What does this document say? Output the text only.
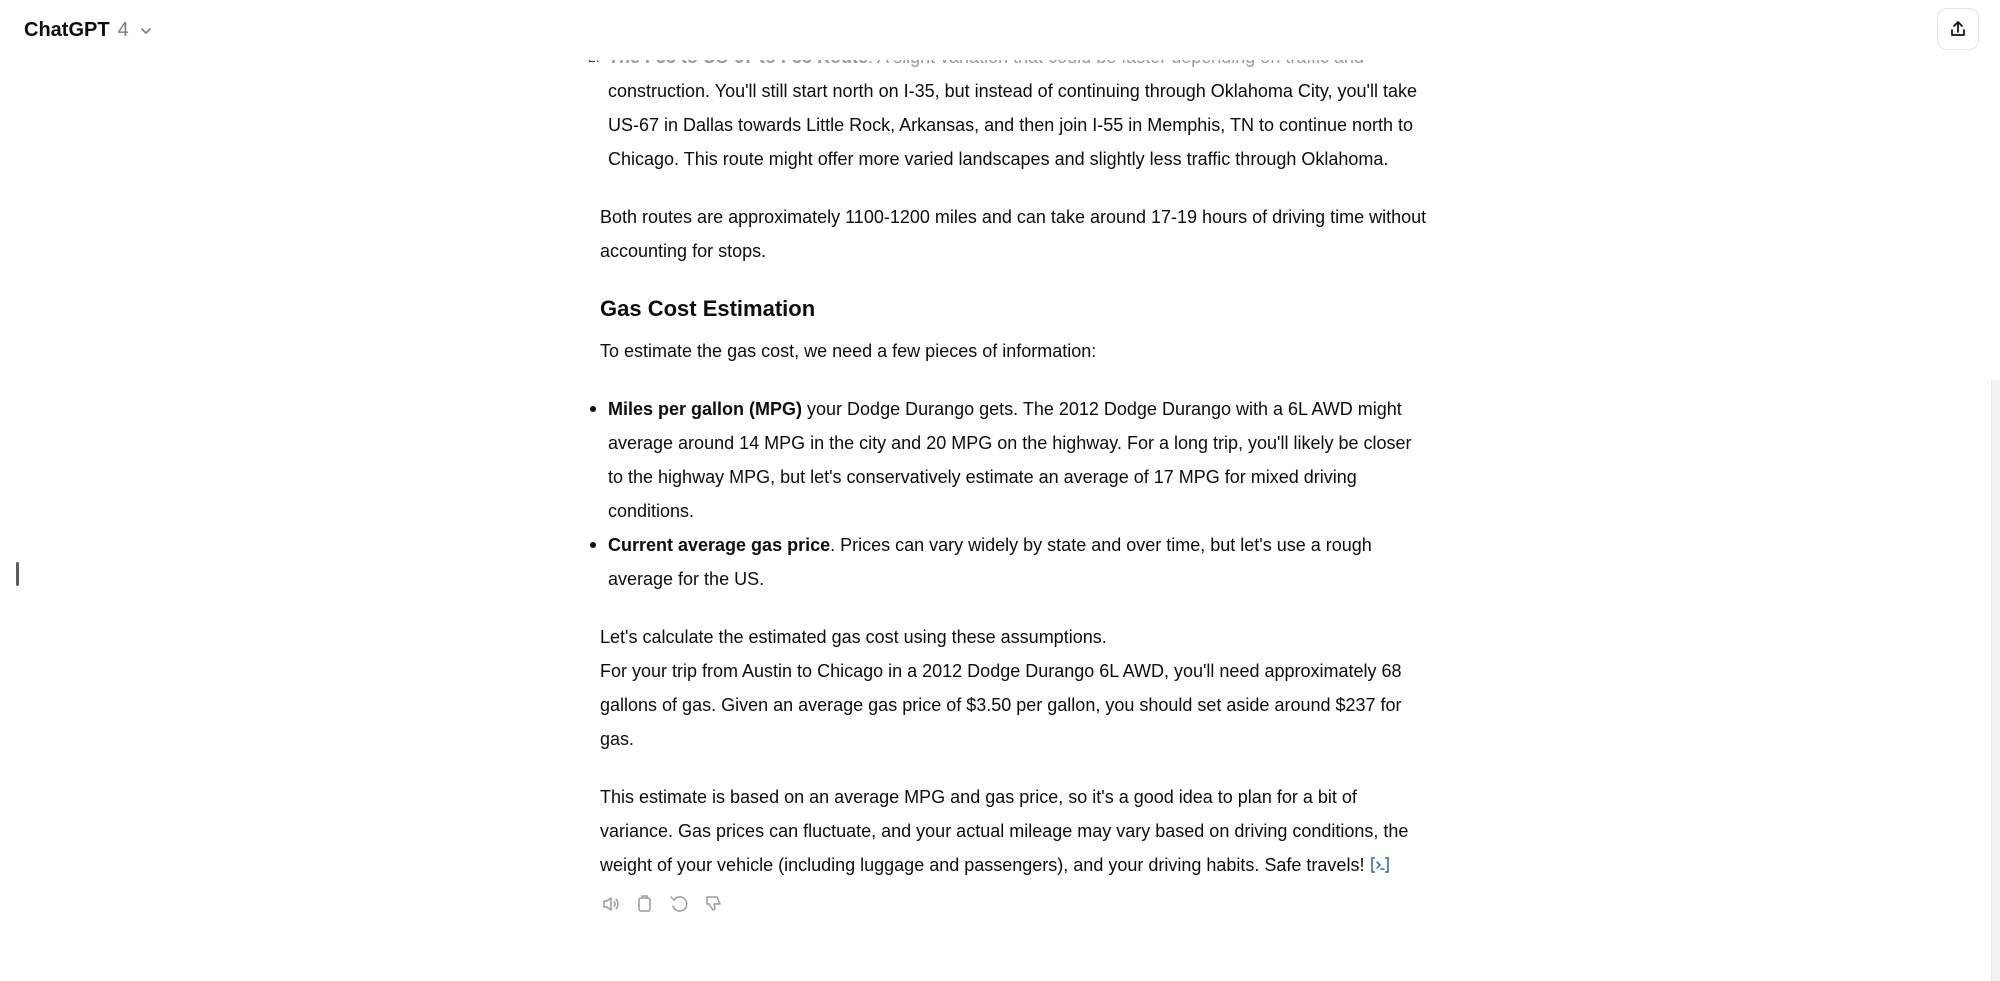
ChatGPT 4

construction. You'll still start north on I-35, but instead of continuing through Oklahoma City, you'll take US-67 in Dallas towards Little Rock, Arkansas, and then join I-55 in Memphis, TN to continue north to Chicago. This route might offer more varied landscapes and slightly less traffic through Oklahoma.

Both routes are approximately 1100-1200 miles and can take around 17-19 hours of driving time without accounting for stops.

Gas Cost Estimation

To estimate the gas cost, we need a few pieces of information:

Miles per gallon (MPG) your Dodge Durango gets. The 2012 Dodge Durango with a 6L AWD might average around 14 MPG in the city and 20 MPG on the highway. For a long trip, you'll likely be closer to the highway MPG, but let's conservatively estimate an average of 17 MPG for mixed driving conditions.
Current average gas price. Prices can vary widely by state and over time, but let's use a rough average for the US.

Let's calculate the estimated gas cost using these assumptions.

For your trip from Austin to Chicago in a 2012 Dodge Durango 6L AWD, you'll need approximately 68 gallons of gas. Given an average gas price of $3.50 per gallon, you should set aside around $237 for gas.

This estimate is based on an average MPG and gas price, so it's a good idea to plan for a bit of variance. Gas prices can fluctuate, and your actual mileage may vary based on driving conditions, the weight of your vehicle (including luggage and passengers), and your driving habits. Safe travels!
